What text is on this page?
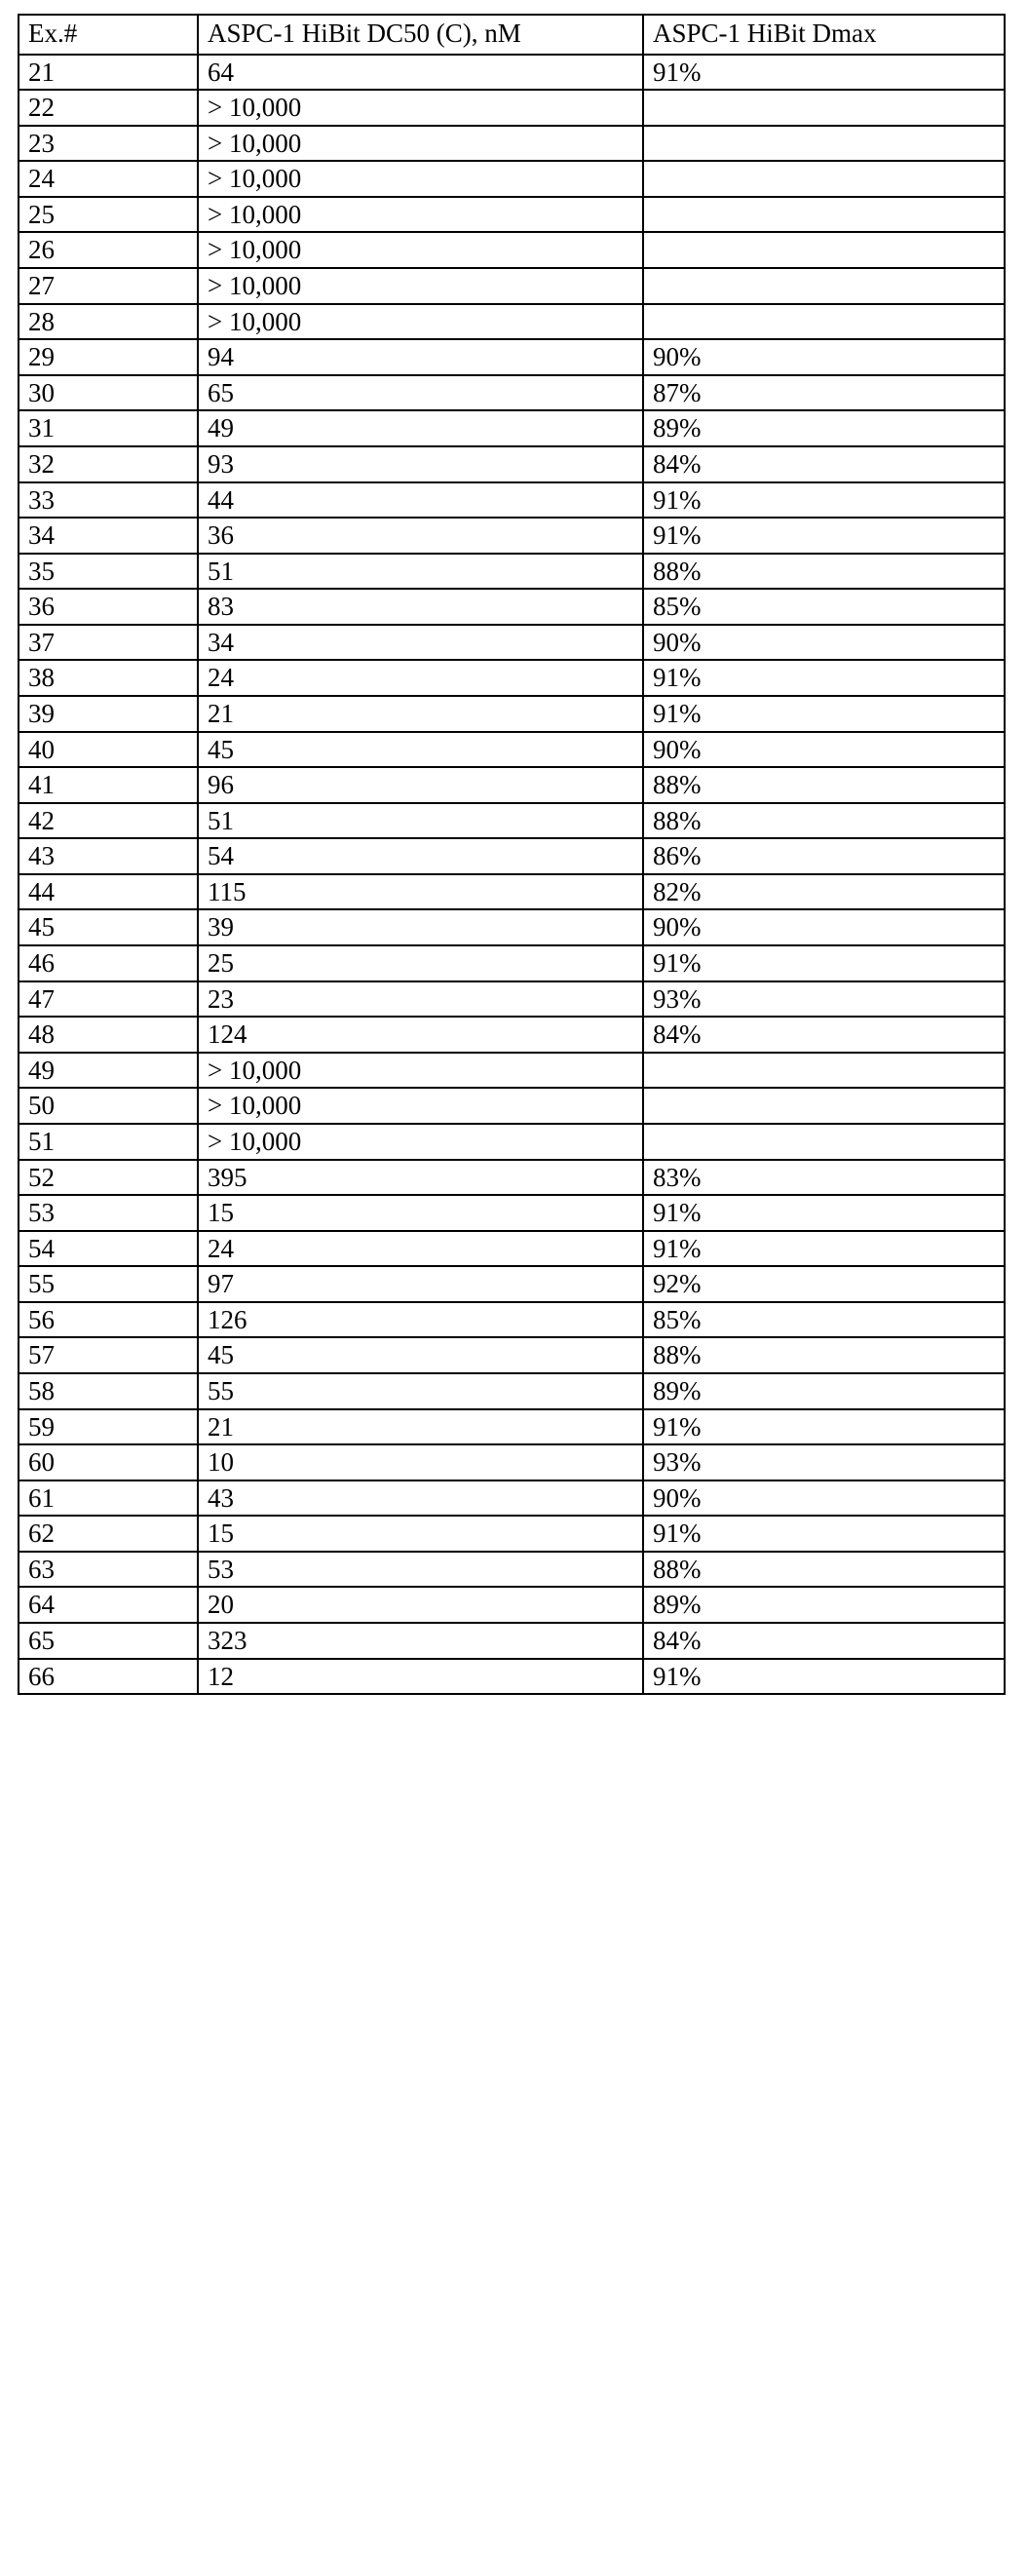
Ex.#	ASPC-1 HiBit DC50 (C), nM	ASPC-1 HiBit Dmax
21	64	91%
22	> 10,000	
23	> 10,000	
24	> 10,000	
25	> 10,000	
26	> 10,000	
27	> 10,000	
28	> 10,000	
29	94	90%
30	65	87%
31	49	89%
32	93	84%
33	44	91%
34	36	91%
35	51	88%
36	83	85%
37	34	90%
38	24	91%
39	21	91%
40	45	90%
41	96	88%
42	51	88%
43	54	86%
44	115	82%
45	39	90%
46	25	91%
47	23	93%
48	124	84%
49	> 10,000	
50	> 10,000	
51	> 10,000	
52	395	83%
53	15	91%
54	24	91%
55	97	92%
56	126	85%
57	45	88%
58	55	89%
59	21	91%
60	10	93%
61	43	90%
62	15	91%
63	53	88%
64	20	89%
65	323	84%
66	12	91%
